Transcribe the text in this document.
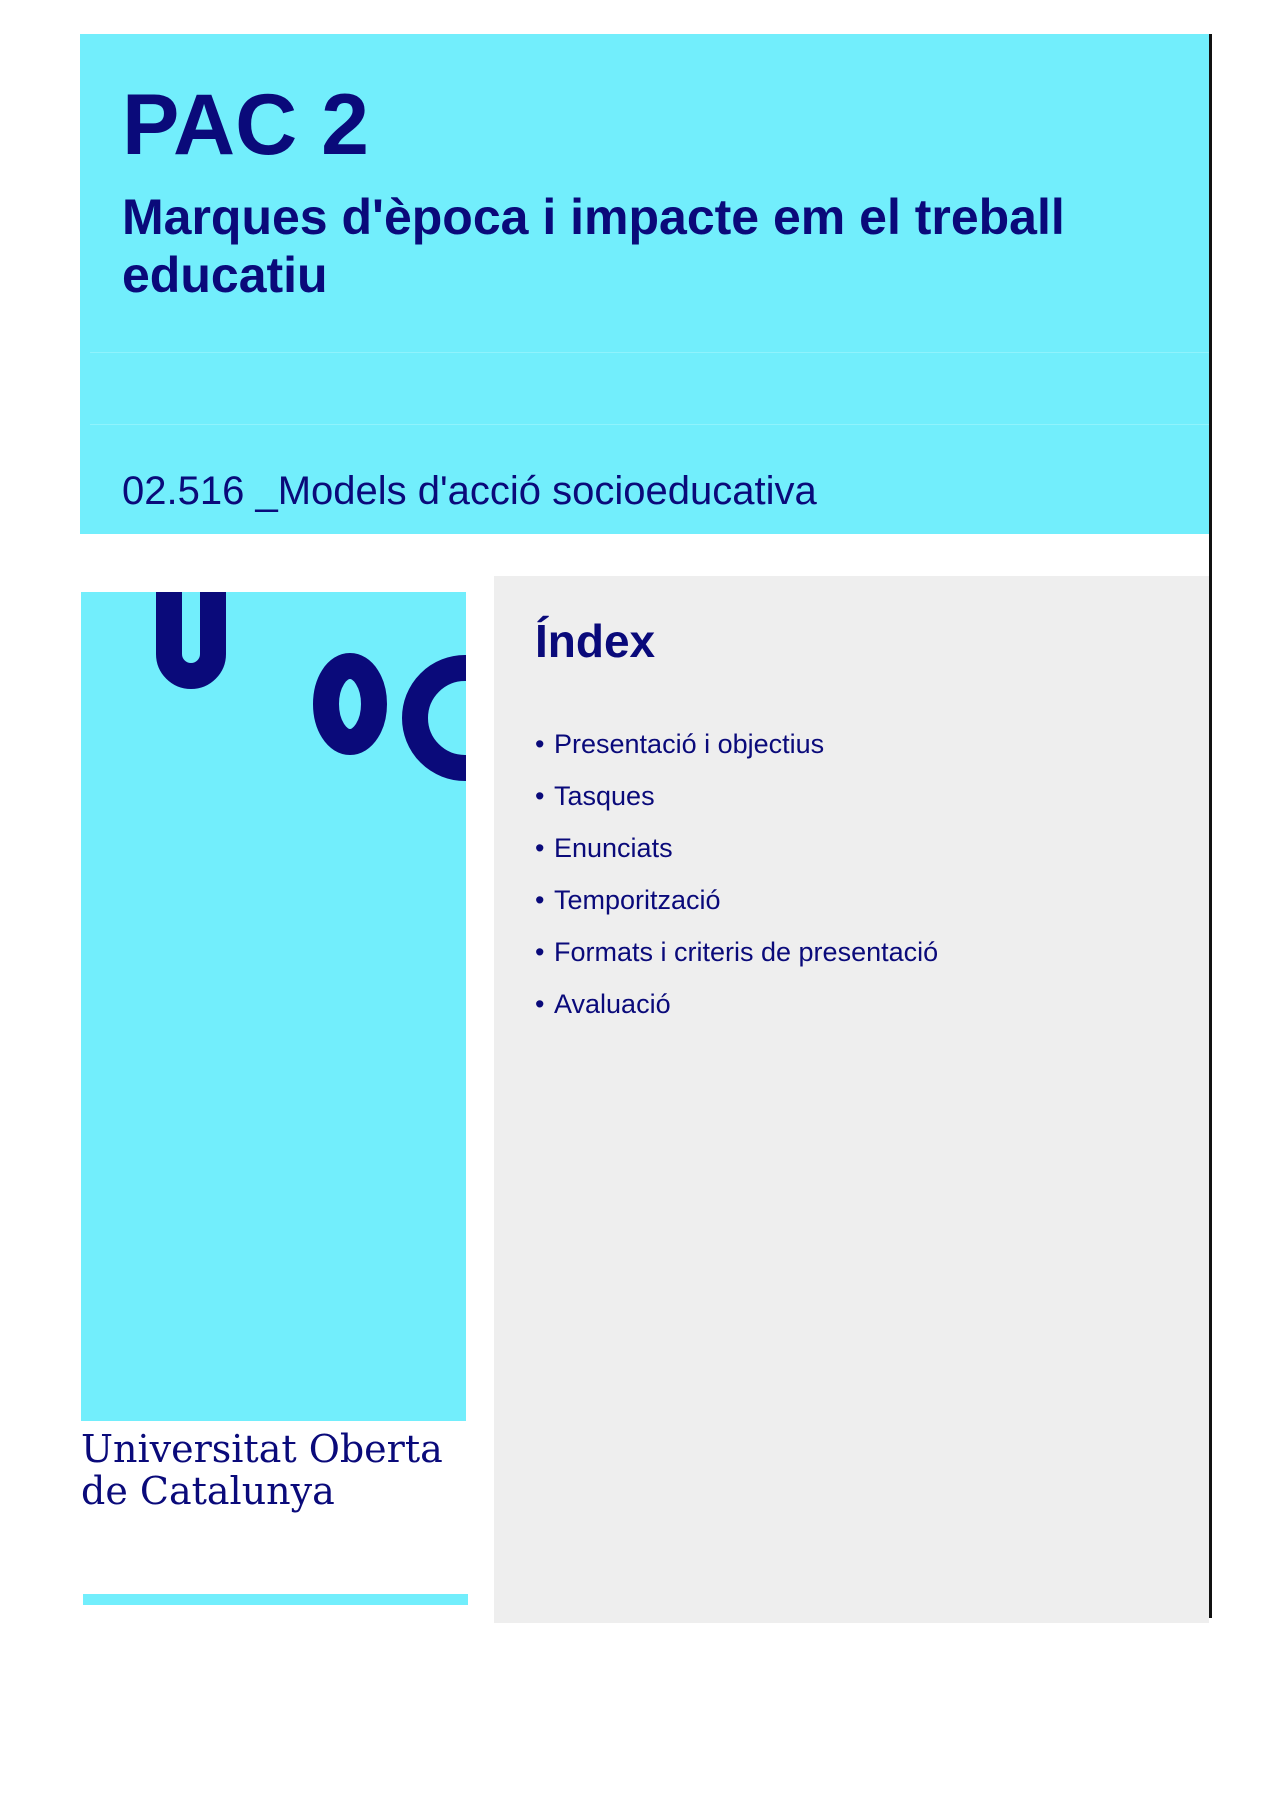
PAC 2
Marques d'època i impacte em el treball educatiu

02.516 _Models d'acció socioeducativa

Universitat Oberta
de Catalunya
Índex
• Presentació i objectius
• Tasques
• Enunciats
• Temporització
• Formats i criteris de presentació
• Avaluació
